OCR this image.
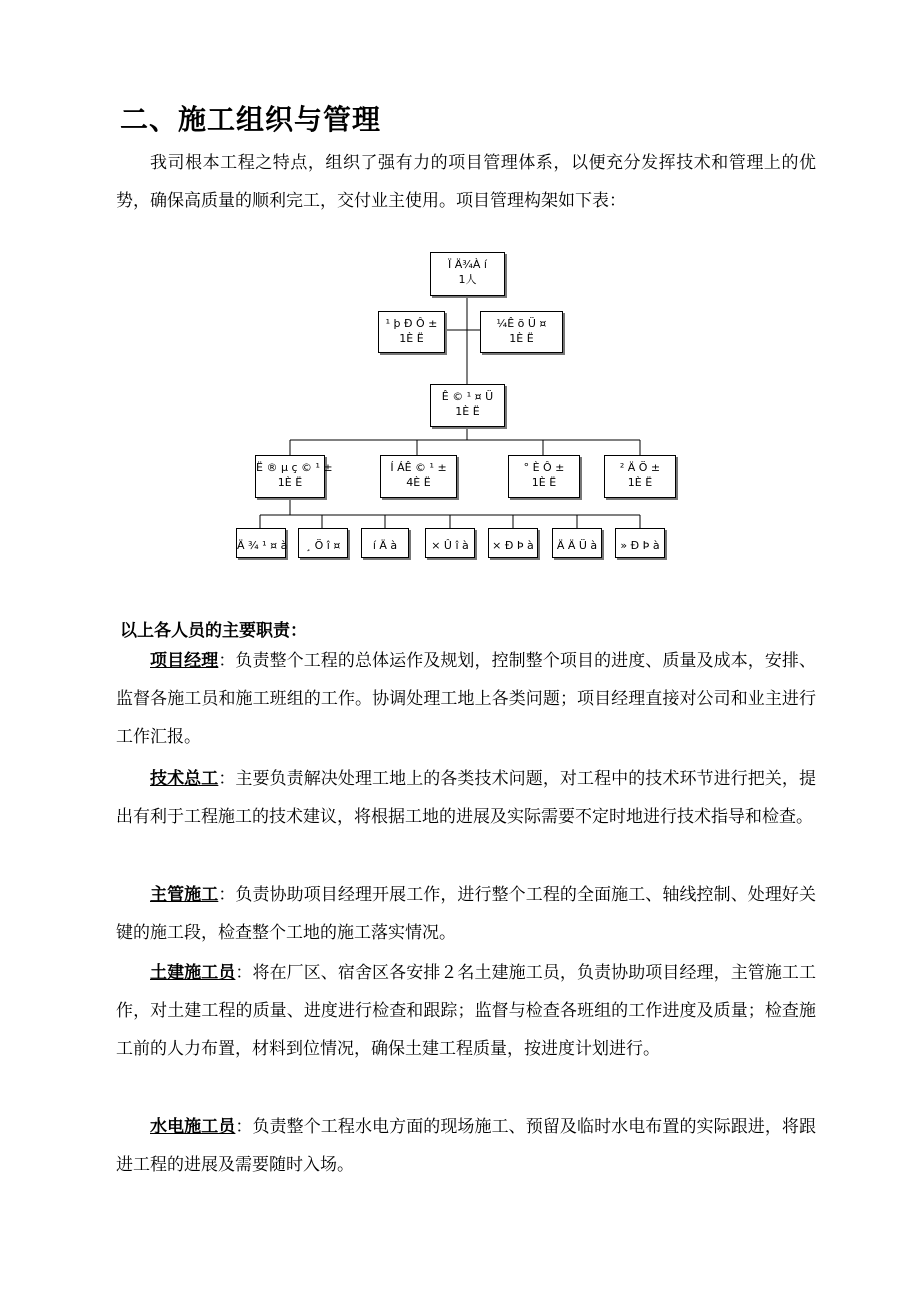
二、施工组织与管理

我司根本工程之特点，组织了强有力的项目管理体系，以便充分发挥技术和管理上的优势，确保高质量的顺利完工，交付业主使用。项目管理构架如下表：

Ï Ä¾À í
1人
¹ þ Ð Ô ±
1È Ë
¼Ê õ Ü ¤
1È Ë
Ê © ¹ ¤ Ü
1È Ë
Ë ® µ ç © ¹ ±
1È Ë
Í ÁÊ © ¹ ±
4È Ë
° È Ô ±
1È Ë
² Ä Ö ±
1È Ë
Ä ¾ ¹ ¤ à	¸ Ö î ¤	í Ä à	× Û î à	× Ð Þ à	Ä Ä Ü à	» Ð Þ à

以上各人员的主要职责：

项目经理：负责整个工程的总体运作及规划，控制整个项目的进度、质量及成本，安排、监督各施工员和施工班组的工作。协调处理工地上各类问题；项目经理直接对公司和业主进行工作汇报。

技术总工：主要负责解决处理工地上的各类技术问题，对工程中的技术环节进行把关，提出有利于工程施工的技术建议，将根据工地的进展及实际需要不定时地进行技术指导和检查。

主管施工：负责协助项目经理开展工作，进行整个工程的全面施工、轴线控制、处理好关键的施工段，检查整个工地的施工落实情况。

土建施工员：将在厂区、宿舍区各安排２名土建施工员，负责协助项目经理，主管施工工作，对土建工程的质量、进度进行检查和跟踪；监督与检查各班组的工作进度及质量；检查施工前的人力布置，材料到位情况，确保土建工程质量，按进度计划进行。

水电施工员：负责整个工程水电方面的现场施工、预留及临时水电布置的实际跟进，将跟进工程的进展及需要随时入场。
